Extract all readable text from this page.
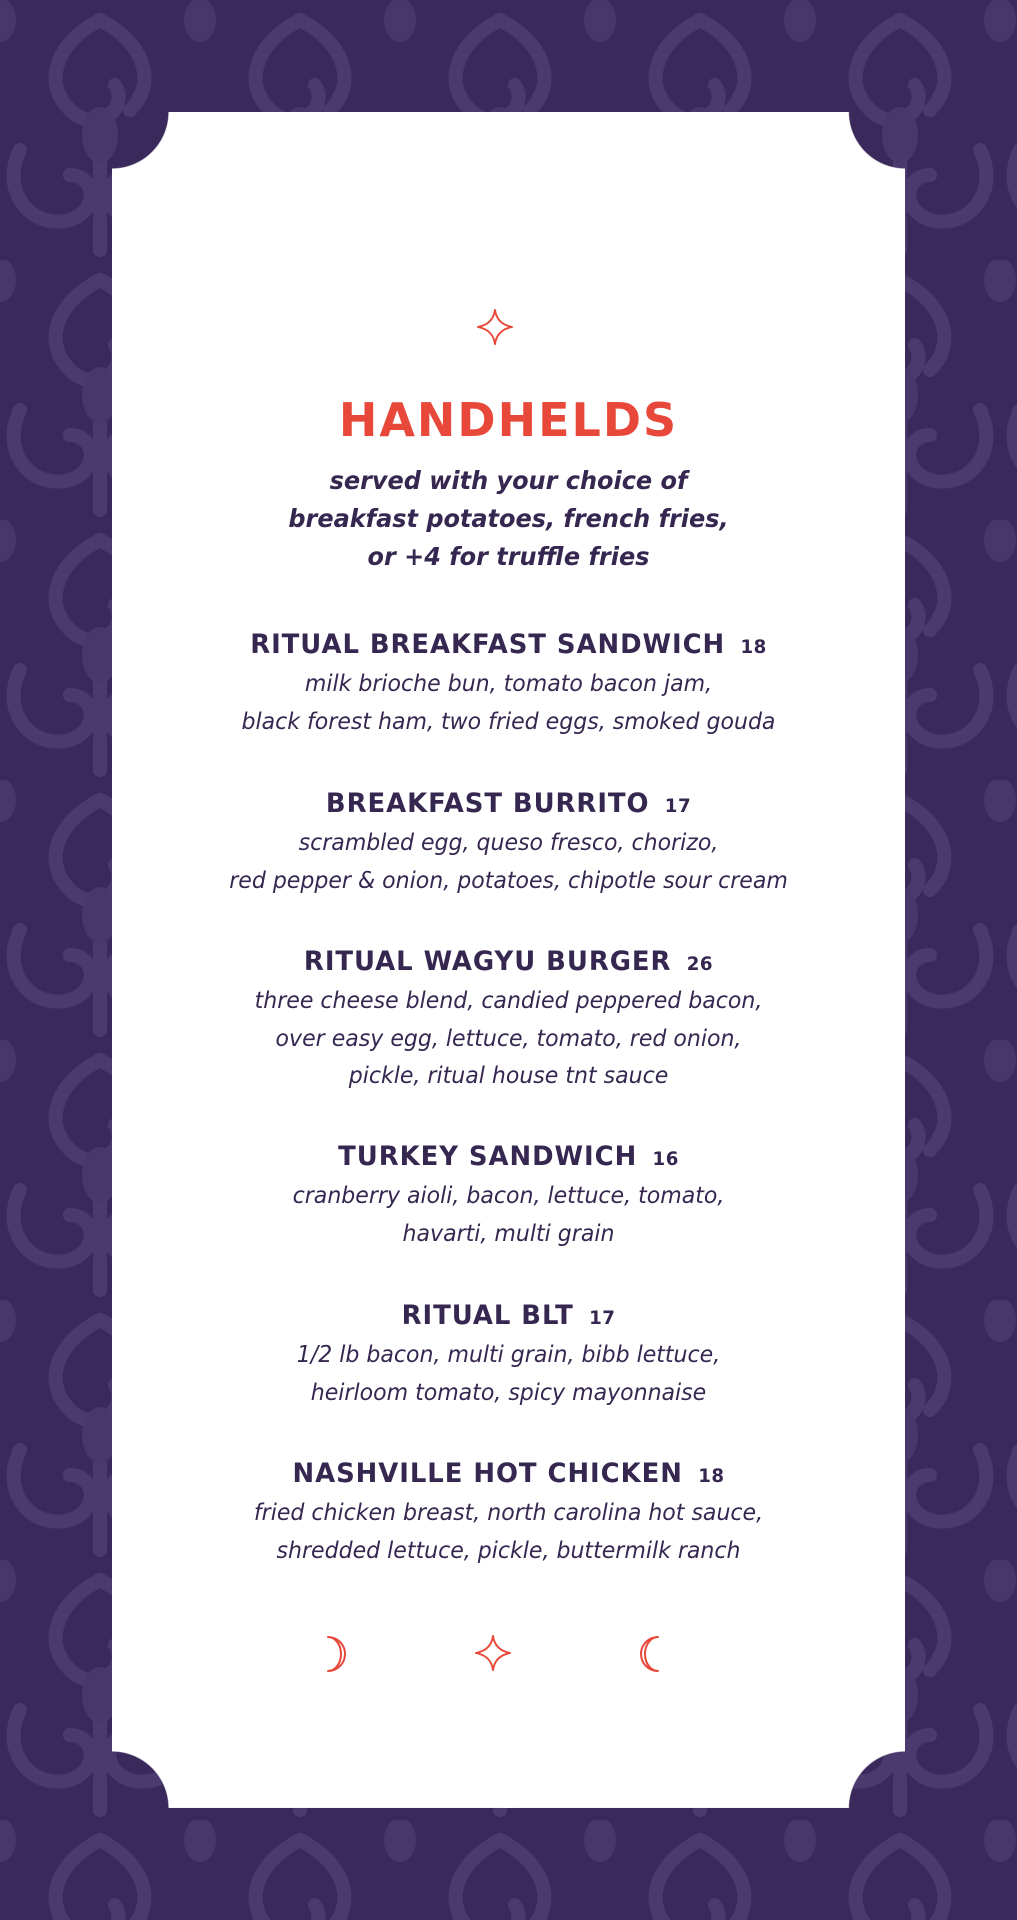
HANDHELDS
served with your choice of
breakfast potatoes, french fries,
or +4 for truffle fries
RITUAL BREAKFAST SANDWICH 18
milk brioche bun, tomato bacon jam,
black forest ham, two fried eggs, smoked gouda
BREAKFAST BURRITO 17
scrambled egg, queso fresco, chorizo,
red pepper & onion, potatoes, chipotle sour cream
RITUAL WAGYU BURGER 26
three cheese blend, candied peppered bacon,
over easy egg, lettuce, tomato, red onion,
pickle, ritual house tnt sauce
TURKEY SANDWICH 16
cranberry aioli, bacon, lettuce, tomato,
havarti, multi grain
RITUAL BLT 17
1/2 lb bacon, multi grain, bibb lettuce,
heirloom tomato, spicy mayonnaise
NASHVILLE HOT CHICKEN 18
fried chicken breast, north carolina hot sauce,
shredded lettuce, pickle, buttermilk ranch
